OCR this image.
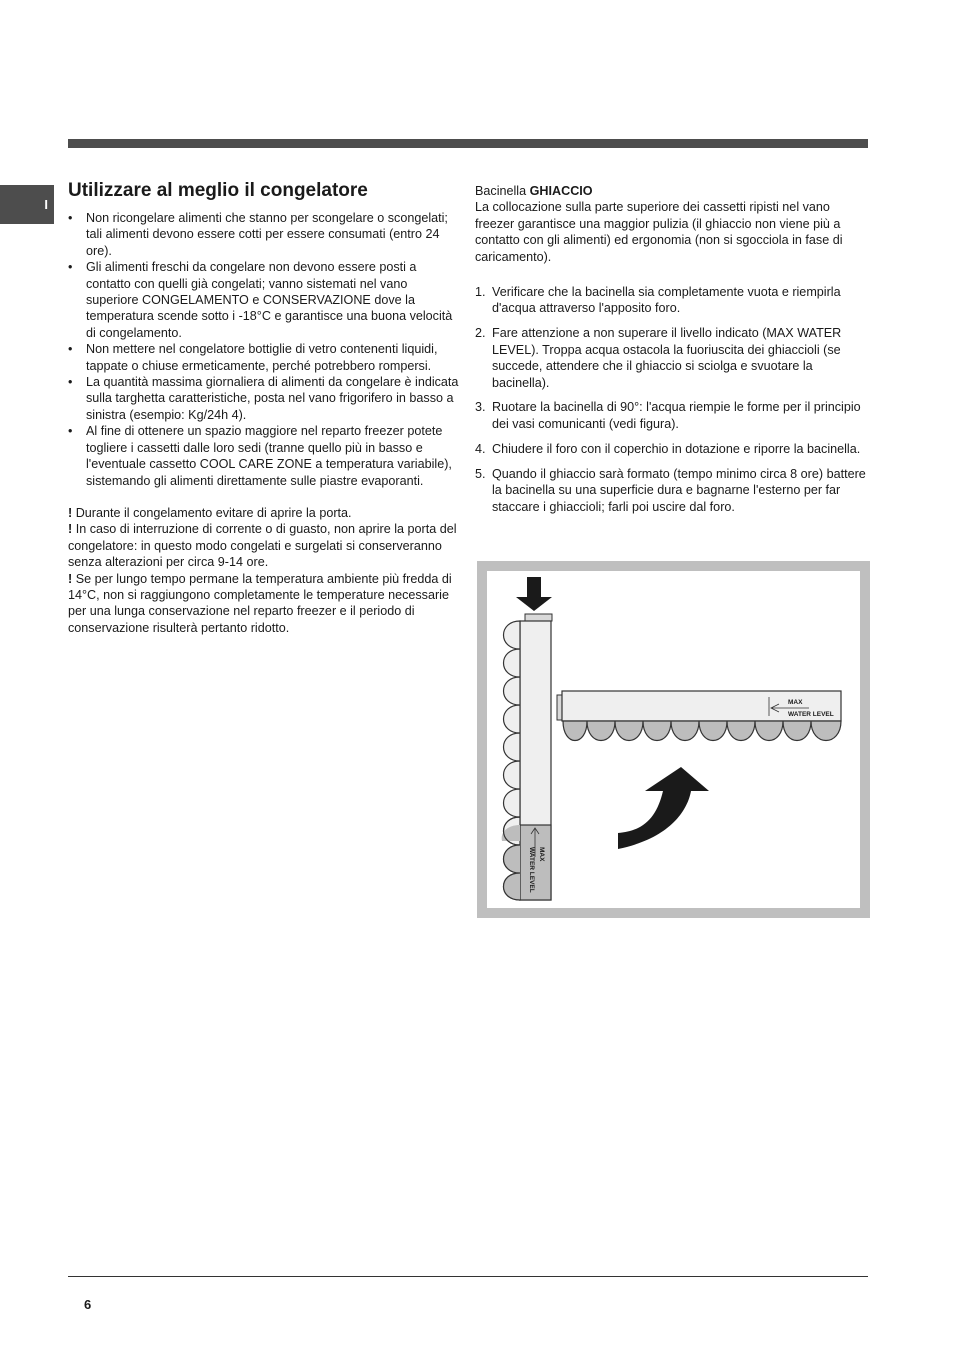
I
Utilizzare al meglio il congelatore
• Non ricongelare alimenti che stanno per scongelare o scongelati; tali alimenti devono essere cotti per essere consumati (entro 24 ore).
• Gli alimenti freschi da congelare non devono essere posti a contatto con quelli già congelati; vanno sistemati nel vano superiore CONGELAMENTO e CONSERVAZIONE dove la temperatura scende sotto i -18°C e garantisce una buona velocità di congelamento.
• Non mettere nel congelatore bottiglie di vetro contenenti liquidi, tappate o chiuse ermeticamente, perché potrebbero rompersi.
• La quantità massima giornaliera di alimenti da congelare è indicata sulla targhetta caratteristiche, posta nel vano frigorifero in basso a sinistra (esempio: Kg/24h 4).
• Al fine di ottenere un spazio maggiore nel reparto freezer potete togliere i cassetti dalle loro sedi (tranne quello più in basso e l'eventuale cassetto COOL CARE ZONE a temperatura variabile), sistemando gli alimenti direttamente sulle piastre evaporanti.

! Durante il congelamento evitare di aprire la porta.

! In caso di interruzione di corrente o di guasto, non aprire la porta del congelatore: in questo modo congelati e surgelati si conserveranno senza alterazioni per circa 9-14 ore.

! Se per lungo tempo permane la temperatura ambiente più fredda di 14°C, non si raggiungono completamente le temperature necessarie per una lunga conservazione nel reparto freezer e il periodo di conservazione risulterà pertanto ridotto.

Bacinella GHIACCIO

La collocazione sulla parte superiore dei cassetti ripisti nel vano freezer garantisce una maggior pulizia (il ghiaccio non viene più a contatto con gli alimenti) ed ergonomia (non si sgocciola in fase di caricamento).

1. Verificare che la bacinella sia completamente vuota e riempirla d'acqua attraverso l'apposito foro.
2. Fare attenzione a non superare il livello indicato (MAX WATER LEVEL). Troppa acqua ostacola la fuoriuscita dei ghiaccioli (se succede, attendere che il ghiaccio si sciolga e svuotare la bacinella).
3. Ruotare la bacinella di 90°: l'acqua riempie le forme per il principio dei vasi comunicanti (vedi figura).
4. Chiudere il foro con il coperchio in dotazione e riporre la bacinella.
5. Quando il ghiaccio sarà formato (tempo minimo circa 8 ore) battere la bacinella su una superficie dura e bagnarne l'esterno per far staccare i ghiaccioli; farli poi uscire dal foro.
MAX
WATER LEVEL
MAX
WATER LEVEL
6
